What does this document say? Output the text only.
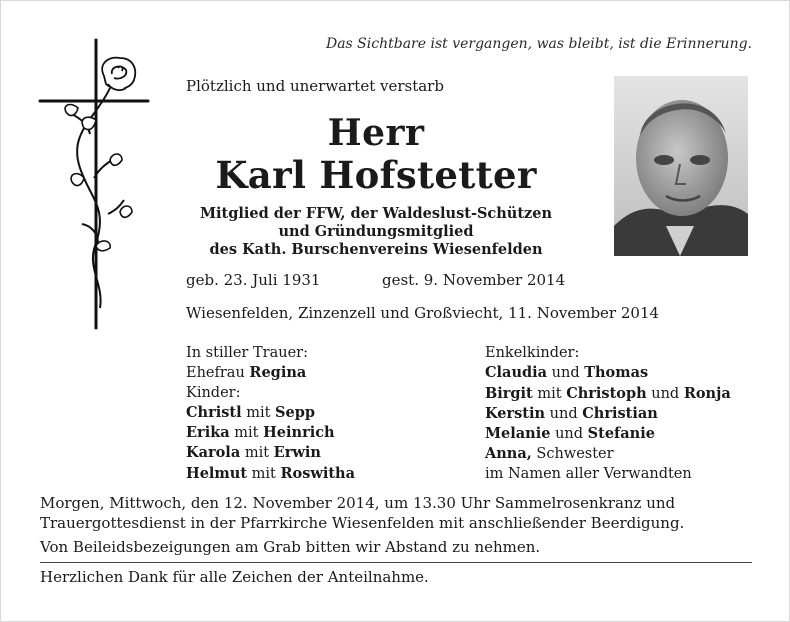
Das Sichtbare ist vergangen, was bleibt, ist die Erinnerung.
Plötzlich und unerwartet verstarb
Herr
Karl Hofstetter
Mitglied der FFW, der Waldeslust-Schützen
und Gründungsmitglied
des Kath. Burschenvereins Wiesenfelden
geb. 23. Juli 1931	gest. 9. November 2014
Wiesenfelden, Zinzenzell und Großviecht, 11. November 2014
In stiller Trauer:
Ehefrau Regina
Kinder:
Christl mit Sepp
Erika mit Heinrich
Karola mit Erwin
Helmut mit Roswitha
Enkelkinder:
Claudia und Thomas
Birgit mit Christoph und Ronja
Kerstin und Christian
Melanie und Stefanie
Anna, Schwester
im Namen aller Verwandten
Morgen, Mittwoch, den 12. November 2014, um 13.30 Uhr Sammelrosenkranz und
Trauergottesdienst in der Pfarrkirche Wiesenfelden mit anschließender Beerdigung.
Von Beileidsbezeigungen am Grab bitten wir Abstand zu nehmen.
Herzlichen Dank für alle Zeichen der Anteilnahme.
